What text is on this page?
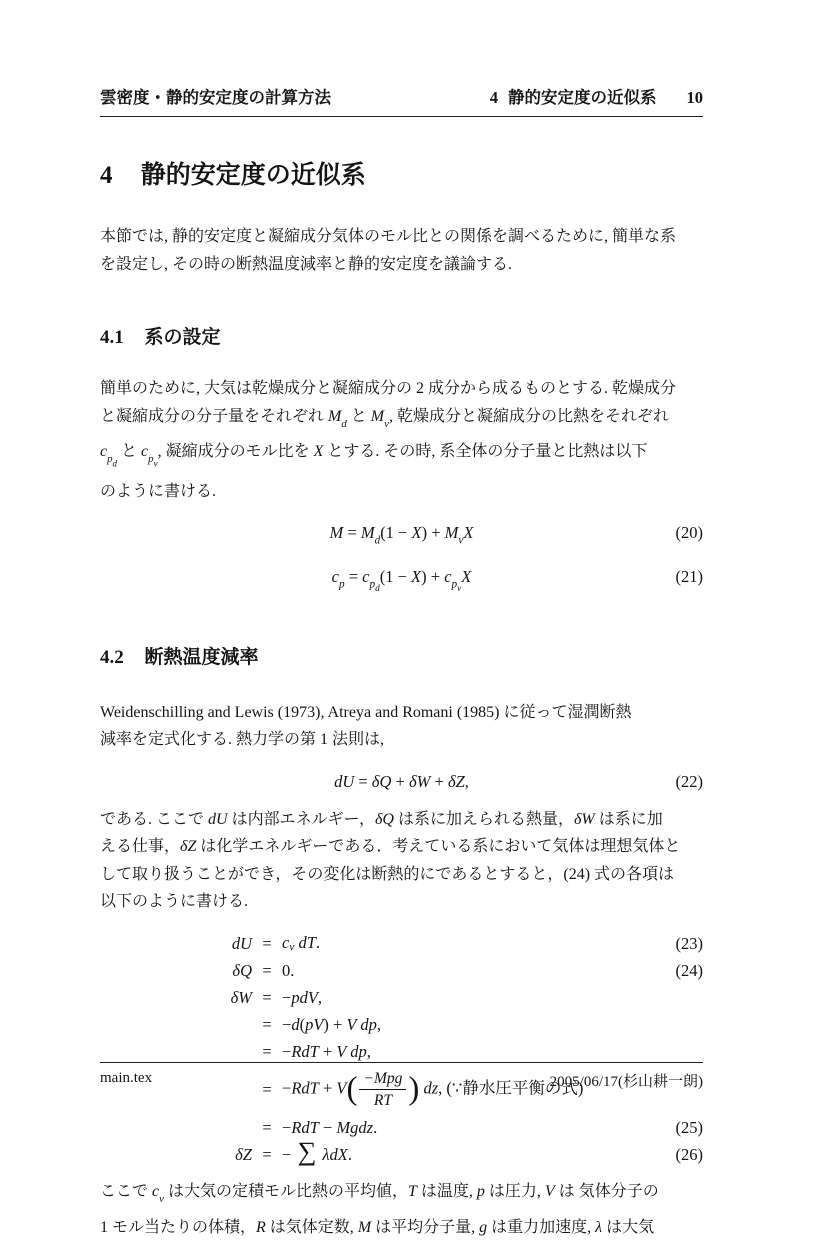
雲密度・静的安定度の計算方法	4 静的安定度の近似系 10
4 静的安定度の近似系
本節では, 静的安定度と凝縮成分気体のモル比との関係を調べるために, 簡単な系
を設定し, その時の断熱温度減率と静的安定度を議論する.
4.1 系の設定
簡単のために, 大気は乾燥成分と凝縮成分の 2 成分から成るものとする. 乾燥成分
と凝縮成分の分子量をそれぞれ $M_d$ と $M_v$, 乾燥成分と凝縮成分の比熱をそれぞれ
$c_{pd}$ と $c_{pv}$, 凝縮成分のモル比を X とする. その時, 系全体の分子量と比熱は以下
のように書ける.
$M = M_d(1 - X) + M_vX$	(20)
$c_p = c_{pd}(1 - X) + c_{pv}X$	(21)
4.2 断熱温度減率
Weidenschilling and Lewis (1973), Atreya and Romani (1985) に従って湿潤断熱
減率を定式化する. 熱力学の第 1 法則は,
dU = δQ + δW + δZ,	(22)
である. ここで dU は内部エネルギー，δQ は系に加えられる熱量，δW は系に加
える仕事，δZ は化学エネルギーである．考えている系において気体は理想気体と
して取り扱うことができ，その変化は断熱的にであるとすると，(24) 式の各項は
以下のように書ける.
dU = cv dT.	(23)
δQ = 0.	(24)
δW = −pdV,
= −d(pV) + V dp,
= −RdT + V dp,
= −RdT + V( −Mpg
RT ) dz, (∵静水圧平衡の式)
= −RdT − Mgdz.	(25)
δZ = − ∑ λdX.	(26)
ここで $c_v$ は大気の定積モル比熱の平均値，T は温度, p は圧力, V は 気体分子の
1 モル当たりの体積，R は気体定数, M は平均分子量, g は重力加速度, λ は大気
main.tex	2005/06/17(杉山耕一朗)
